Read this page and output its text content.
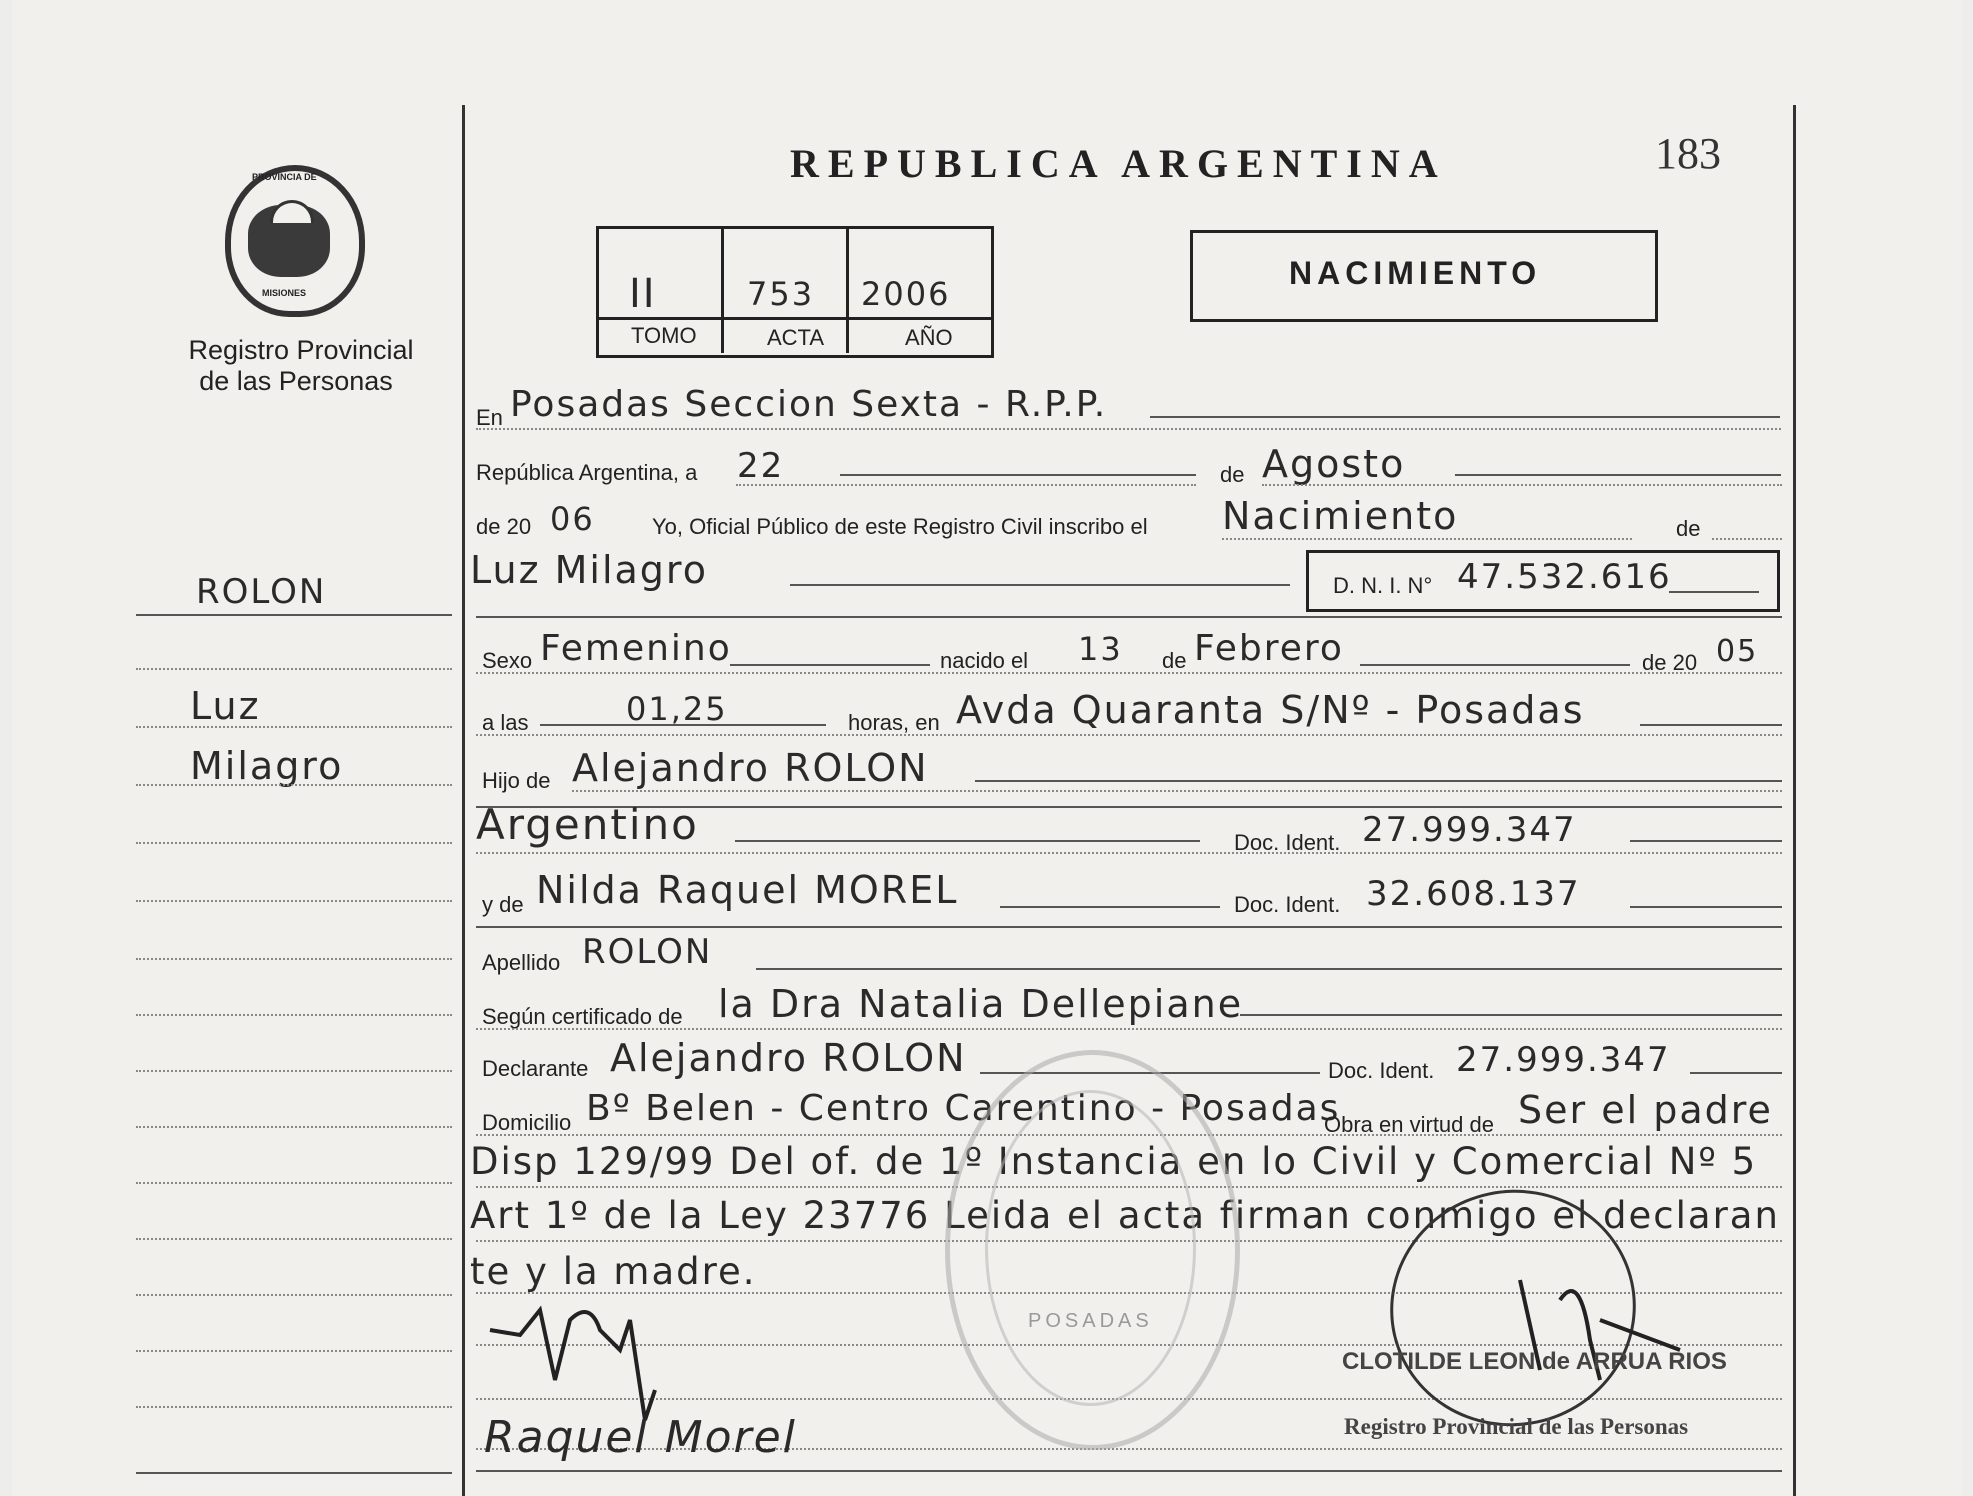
PROVINCIA DE
MISIONES
Registro Provincial
de las Personas
REPUBLICA ARGENTINA	183
II	753 2006
TOMO	ACTA	AÑO
NACIMIENTO
ROLON
Luz
Milagro
En Posadas Seccion Sexta - R.P.P.
República Argentina, a 22	de Agosto
de 20 06	Yo, Oficial Público de este Registro Civil inscribo el Nacimiento	de
Luz Milagro	D. N. I. N° 47.532.616
Sexo Femenino	nacido el 13 de Febrero	de 20 05
a las	01,25	horas, en Avda Quaranta S/Nº - Posadas
Hijo de Alejandro ROLON
Argentino	Doc. Ident. 27.999.347
y de Nilda Raquel MOREL	Doc. Ident. 32.608.137
Apellido ROLON
Según certificado de la Dra Natalia Dellepiane
Declarante Alejandro ROLON	Doc. Ident. 27.999.347
Domicilio Bº Belen - Centro Carentino - Posadas
Obra en virtud de Ser el padre
Disp 129/99 Del of. de 1º Instancia en lo Civil y Comercial Nº 5
Art 1º de la Ley 23776 Leida el acta firman conmigo el declaran
te y la madre.
POSADAS
Raquel Morel
CLOTILDE LEON de ARRUA RIOS
Registro Provincial de las Personas
